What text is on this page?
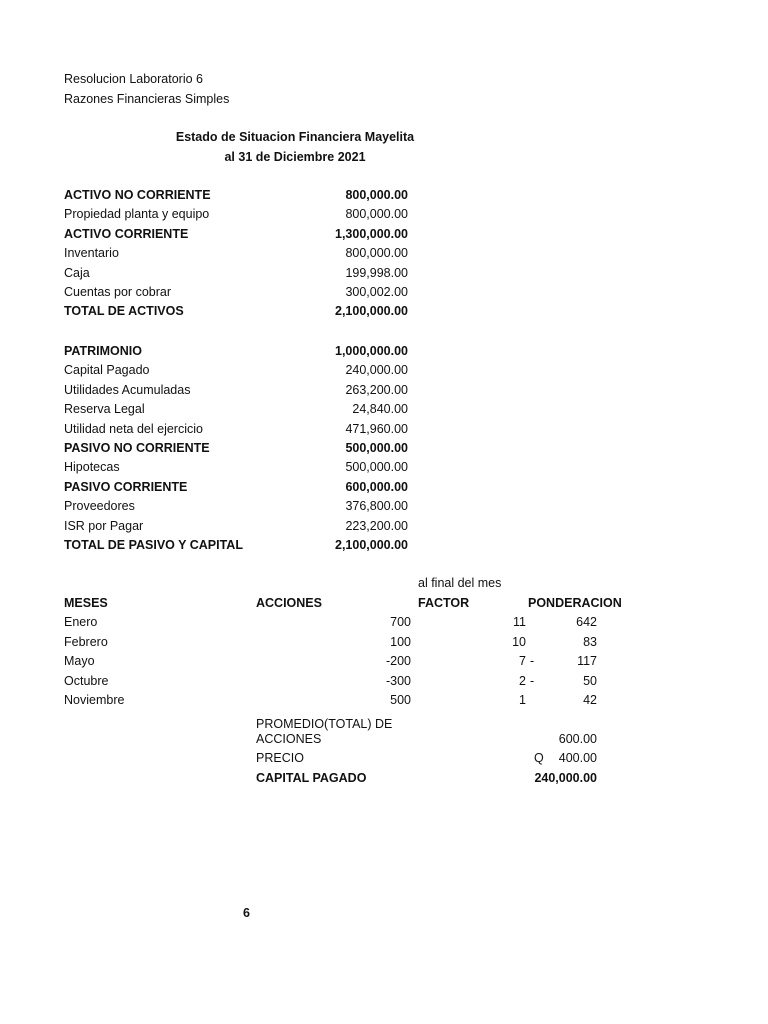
Resolucion Laboratorio 6
Razones Financieras Simples
Estado de Situacion Financiera Mayelita
al 31 de Diciembre 2021
ACTIVO NO CORRIENTE	800,000.00
Propiedad planta y equipo	800,000.00
ACTIVO CORRIENTE	1,300,000.00
Inventario	800,000.00
Caja	199,998.00
Cuentas por cobrar	300,002.00
TOTAL DE ACTIVOS	2,100,000.00
PATRIMONIO	1,000,000.00
Capital Pagado	240,000.00
Utilidades Acumuladas	263,200.00
Reserva Legal	24,840.00
Utilidad neta del ejercicio	471,960.00
PASIVO NO CORRIENTE	500,000.00
Hipotecas	500,000.00
PASIVO CORRIENTE	600,000.00
Proveedores	376,800.00
ISR por Pagar	223,200.00
TOTAL DE PASIVO Y CAPITAL	2,100,000.00
al final del mes
MESES	ACCIONES	FACTOR	PONDERACION
Enero	700	11	642
Febrero	100	10	83
Mayo	-200	7 -	117
Octubre	-300	2 -	50
Noviembre	500	1	42
PROMEDIO(TOTAL) DE
ACCIONES	600.00
PRECIO	Q	400.00
CAPITAL PAGADO	240,000.00
6
